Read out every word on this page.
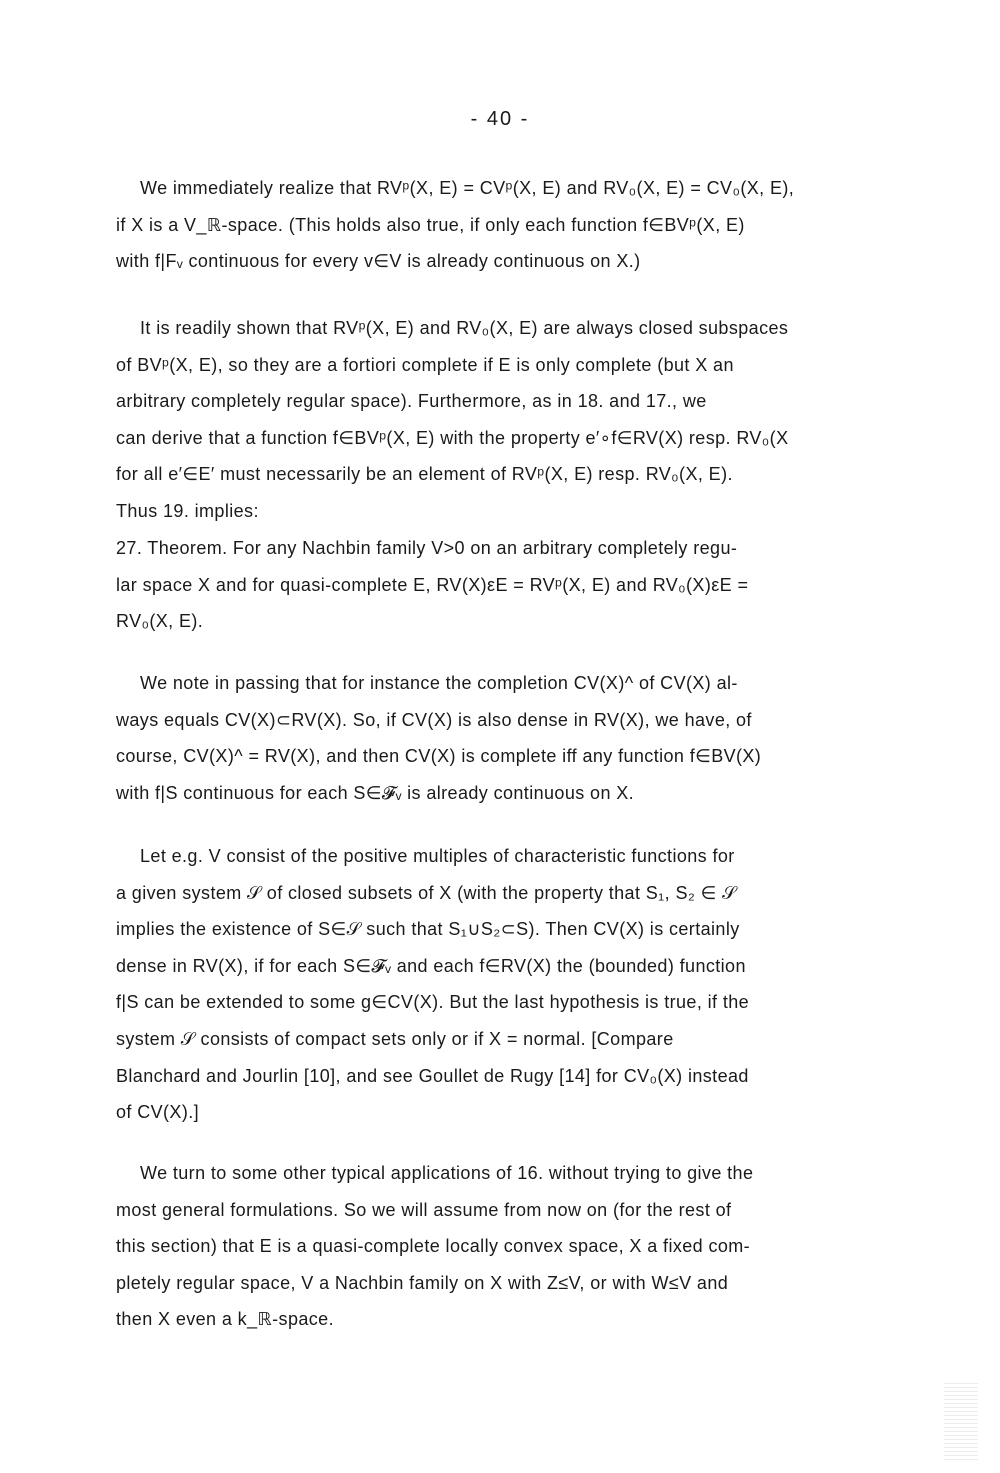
- 40 -
We immediately realize that RVᵖ(X, E) = CVᵖ(X, E) and RV₀(X, E) = CV₀(X, E),
if X is a V_ℝ-space. (This holds also true, if only each function f∈BVᵖ(X, E)
with f|Fᵥ continuous for every v∈V is already continuous on X.)
It is readily shown that RVᵖ(X, E) and RV₀(X, E) are always closed subspaces
of BVᵖ(X, E), so they are a fortiori complete if E is only complete (but X an
arbitrary completely regular space). Furthermore, as in 18. and 17., we
can derive that a function f∈BVᵖ(X, E) with the property e′∘f∈RV(X) resp. RV₀(X
for all e′∈E′ must necessarily be an element of RVᵖ(X, E) resp. RV₀(X, E).
Thus 19. implies:
27. Theorem. For any Nachbin family V>0 on an arbitrary completely regu-
lar space X and for quasi-complete E, RV(X)εE = RVᵖ(X, E) and RV₀(X)εE =
RV₀(X, E).
We note in passing that for instance the completion CV(X)^ of CV(X) al-
ways equals CV(X)⊂RV(X). So, if CV(X) is also dense in RV(X), we have, of
course, CV(X)^ = RV(X), and then CV(X) is complete iff any function f∈BV(X)
with f|S continuous for each S∈𝓕ᵥ is already continuous on X.
Let e.g. V consist of the positive multiples of characteristic functions for
a given system 𝒮 of closed subsets of X (with the property that S₁, S₂ ∈ 𝒮
implies the existence of S∈𝒮 such that S₁∪S₂⊂S). Then CV(X) is certainly
dense in RV(X), if for each S∈𝓕ᵥ and each f∈RV(X) the (bounded) function
f|S can be extended to some g∈CV(X). But the last hypothesis is true, if the
system 𝒮 consists of compact sets only or if X = normal. [Compare
Blanchard and Jourlin [10], and see Goullet de Rugy [14] for CV₀(X) instead
of CV(X).]
We turn to some other typical applications of 16. without trying to give the
most general formulations. So we will assume from now on (for the rest of
this section) that E is a quasi-complete locally convex space, X a fixed com-
pletely regular space, V a Nachbin family on X with Z≤V, or with W≤V and
then X even a k_ℝ-space.
